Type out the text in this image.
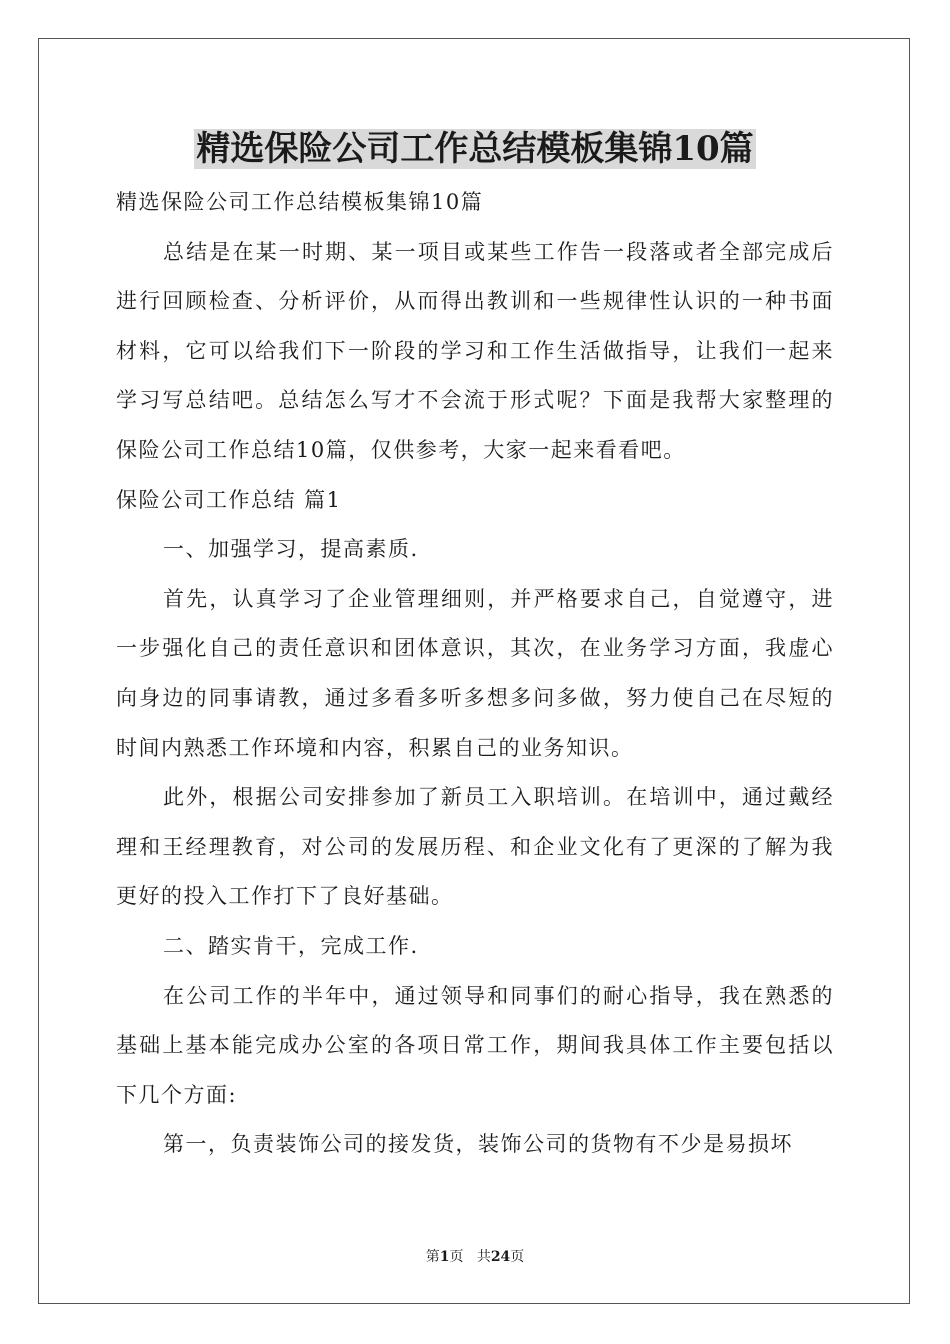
精选保险公司工作总结模板集锦10篇

精选保险公司工作总结模板集锦10篇

总结是在某一时期、某一项目或某些工作告一段落或者全部完成后进行回顾检查、分析评价，从而得出教训和一些规律性认识的一种书面材料，它可以给我们下一阶段的学习和工作生活做指导，让我们一起来学习写总结吧。总结怎么写才不会流于形式呢？下面是我帮大家整理的保险公司工作总结10篇，仅供参考，大家一起来看看吧。

保险公司工作总结 篇1

一、加强学习，提高素质.

首先，认真学习了企业管理细则，并严格要求自己，自觉遵守，进一步强化自己的责任意识和团体意识，其次，在业务学习方面，我虚心向身边的同事请教，通过多看多听多想多问多做，努力使自己在尽短的时间内熟悉工作环境和内容，积累自己的业务知识。

此外，根据公司安排参加了新员工入职培训。在培训中，通过戴经理和王经理教育，对公司的发展历程、和企业文化有了更深的了解为我更好的投入工作打下了良好基础。

二、踏实肯干，完成工作.

在公司工作的半年中，通过领导和同事们的耐心指导，我在熟悉的基础上基本能完成办公室的各项日常工作，期间我具体工作主要包括以下几个方面:

第一，负责装饰公司的接发货，装饰公司的货物有不少是易损坏

第1页 共24页
